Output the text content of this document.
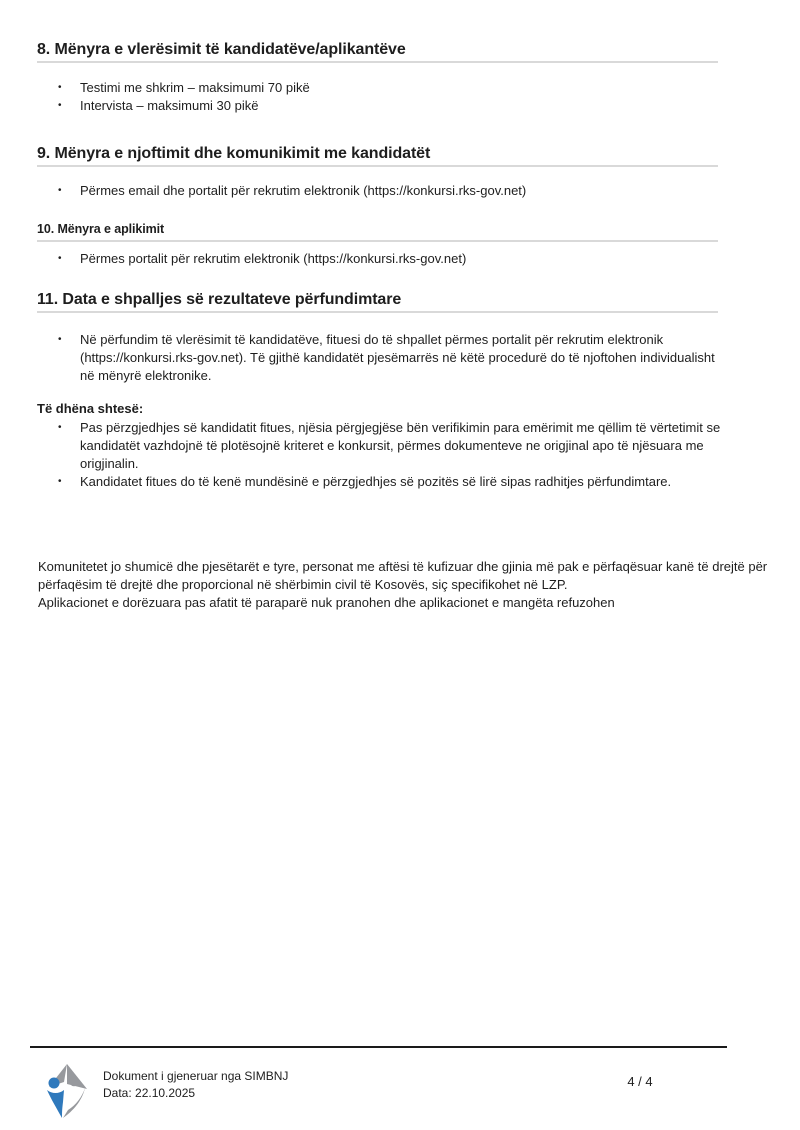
8. Mënyra e vlerësimit të kandidatëve/aplikantëve
•	Testimi me shkrim – maksimumi 70 pikë
•	Intervista – maksimumi 30 pikë
9. Mënyra e njoftimit dhe komunikimit me kandidatët
•	Përmes email dhe portalit për rekrutim elektronik (https://konkursi.rks-gov.net)
10. Mënyra e aplikimit
•	Përmes portalit për rekrutim elektronik (https://konkursi.rks-gov.net)
11. Data e shpalljes së rezultateve përfundimtare
•	Në përfundim të vlerësimit të kandidatëve, fituesi do të shpallet përmes portalit për rekrutim elektronik (https://konkursi.rks-gov.net). Të gjithë kandidatët pjesëmarrës në këtë procedurë do të njoftohen individualisht në mënyrë elektronike.
Të dhëna shtesë:
•	Pas përzgjedhjes së kandidatit fitues, njësia përgjegjëse bën verifikimin para emërimit me qëllim të vërtetimit se kandidatët vazhdojnë të plotësojnë kriteret e konkursit, përmes dokumenteve ne origjinal apo të njësuara me origjinalin.
•	Kandidatet fitues do të kenë mundësinë e përzgjedhjes së pozitës së lirë sipas radhitjes përfundimtare.
Komunitetet jo shumicë dhe pjesëtarët e tyre, personat me aftësi të kufizuar dhe gjinia më pak e përfaqësuar kanë të drejtë për përfaqësim të drejtë dhe proporcional në shërbimin civil të Kosovës, siç specifikohet në LZP.
Aplikacionet e dorëzuara pas afatit të paraparë nuk pranohen dhe aplikacionet e mangëta refuzohen
Dokument i gjeneruar nga SIMBNJ
Data: 22.10.2025
4 / 4
